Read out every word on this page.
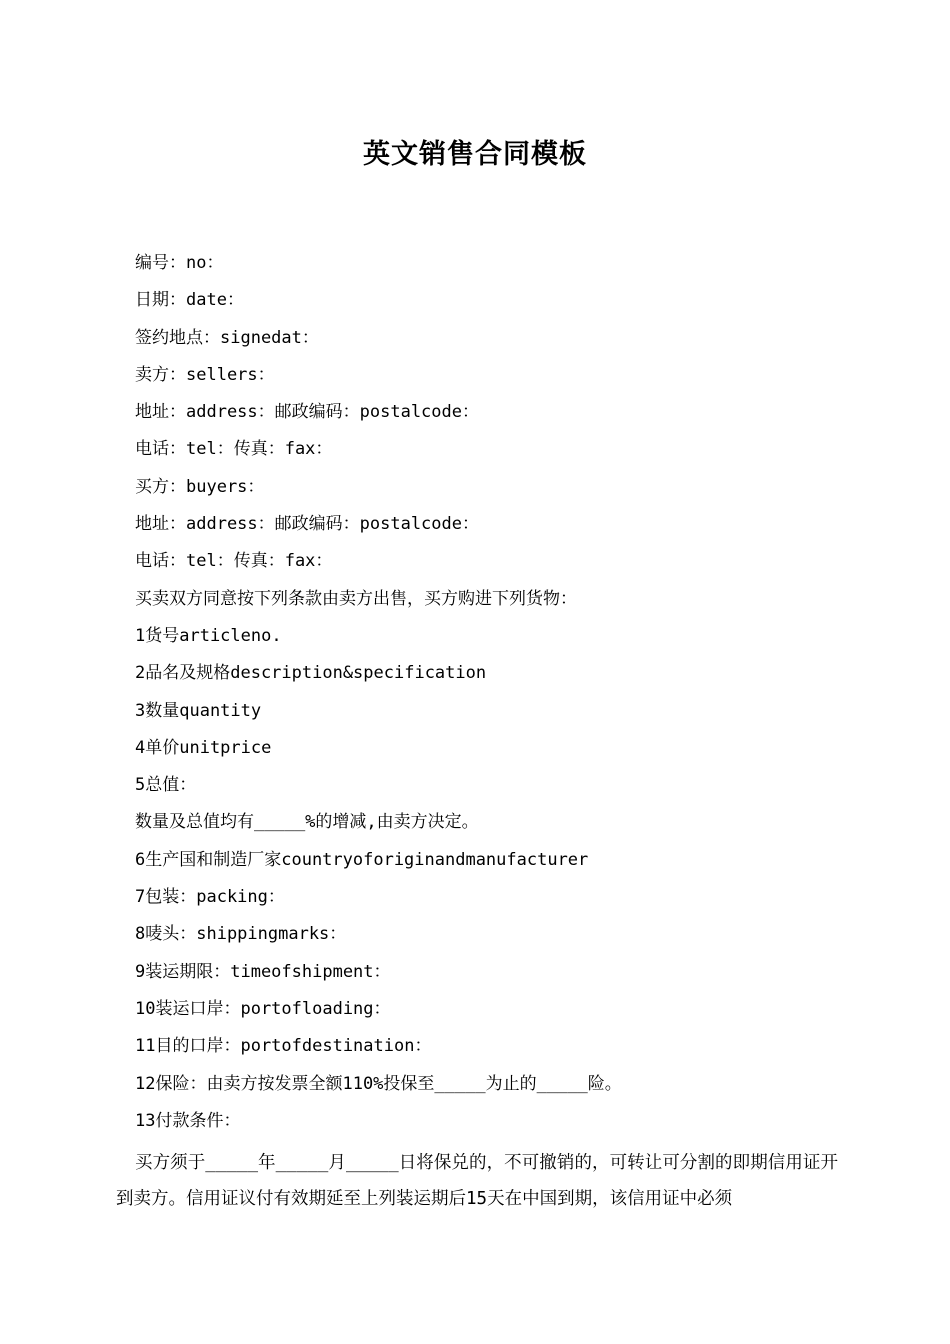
英文销售合同模板
编号：no：
日期：date：
签约地点：signedat：
卖方：sellers：
地址：address：邮政编码：postalcode：
电话：tel：传真：fax：
买方：buyers：
地址：address：邮政编码：postalcode：
电话：tel：传真：fax：
买卖双方同意按下列条款由卖方出售，买方购进下列货物：
1货号articleno.
2品名及规格description&specification
3数量quantity
4单价unitprice
5总值：
数量及总值均有_____%的增减,由卖方决定。
6生产国和制造厂家countryoforiginandmanufacturer
7包装：packing：
8唛头：shippingmarks：
9装运期限：timeofshipment：
10装运口岸：portofloading：
11目的口岸：portofdestination：
12保险：由卖方按发票全额110%投保至_____为止的_____险。
13付款条件：
买方须于_____年_____月_____日将保兑的，不可撤销的，可转让可分割的即期信用证开到卖方。信用证议付有效期延至上列装运期后15天在中国到期，该信用证中必须
